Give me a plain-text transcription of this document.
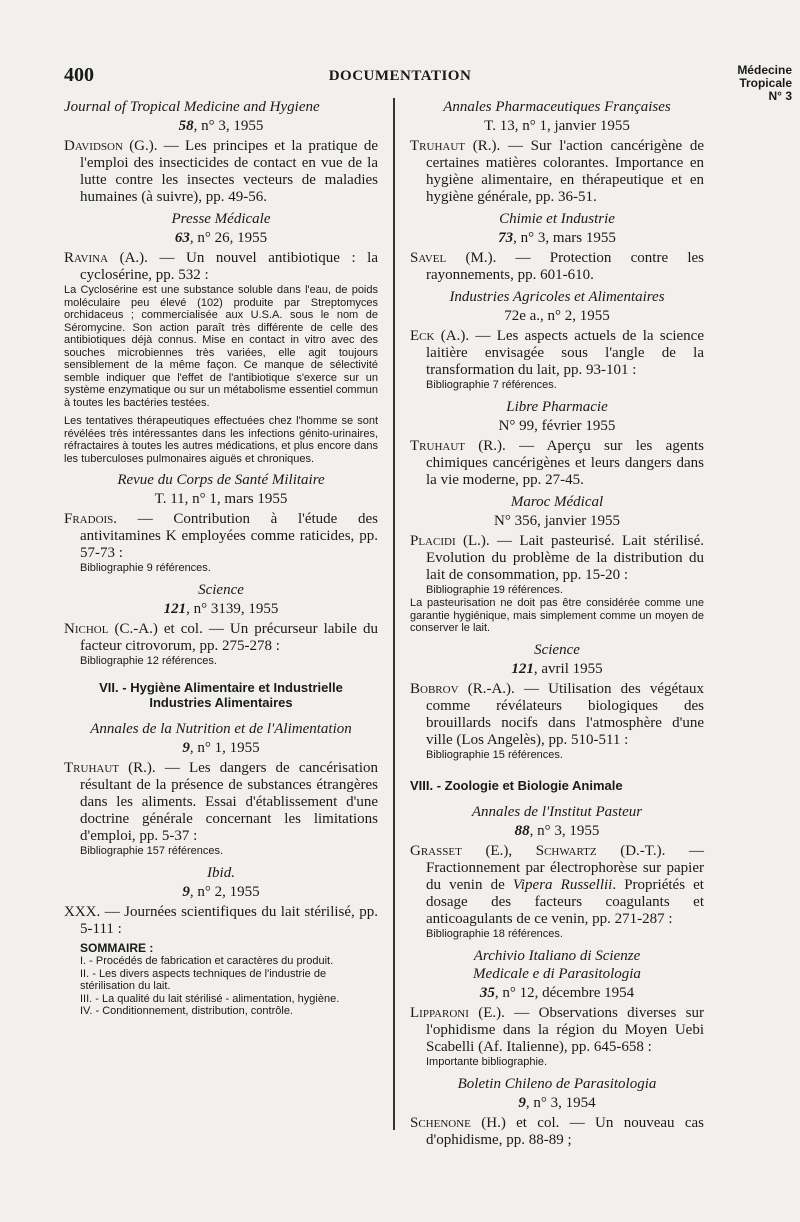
400	DOCUMENTATION	Médecine
Tropicale
N° 3
Journal of Tropical Medicine and Hygiene
58, n° 3, 1955
Davidson (G.). — Les principes et la pratique de l'emploi des insecticides de contact en vue de la lutte contre les insectes vecteurs de maladies humaines (à suivre), pp. 49-56.
Presse Médicale
63, n° 26, 1955
Ravina (A.). — Un nouvel antibiotique : la cyclosérine, pp. 532 :
La Cyclosérine est une substance soluble dans l'eau, de poids moléculaire peu élevé (102) produite par Streptomyces orchidaceus ; commercialisée aux U.S.A. sous le nom de Séromycine. Son action paraît très différente de celle des antibiotiques déjà connus. Mise en contact in vitro avec des souches microbiennes très variées, elle agit toujours sensiblement de la même façon. Ce manque de sélectivité semble indiquer que l'effet de l'antibiotique s'exerce sur un système enzymatique ou sur un métabolisme essentiel commun à toutes les bactéries testées.
Les tentatives thérapeutiques effectuées chez l'homme se sont révélées très intéressantes dans les infections génito-urinaires, réfractaires à toutes les autres médications, et plus encore dans les tuberculoses pulmonaires aiguës et chroniques.
Revue du Corps de Santé Militaire
T. 11, n° 1, mars 1955
Fradois. — Contribution à l'étude des antivitamines K employées comme raticides, pp. 57-73 :
Bibliographie 9 références.
Science
121, n° 3139, 1955
Nichol (C.-A.) et col. — Un précurseur labile du facteur citrovorum, pp. 275-278 :
Bibliographie 12 références.
VII. - Hygiène Alimentaire et Industrielle
Industries Alimentaires
Annales de la Nutrition et de l'Alimentation
9, n° 1, 1955
Truhaut (R.). — Les dangers de cancérisation résultant de la présence de substances étrangères dans les aliments. Essai d'établissement d'une doctrine générale concernant les limitations d'emploi, pp. 5-37 :
Bibliographie 157 références.
Ibid.
9, n° 2, 1955
XXX. — Journées scientifiques du lait stérilisé, pp. 5-111 :
SOMMAIRE :
I. - Procédés de fabrication et caractères du produit.
II. - Les divers aspects techniques de l'industrie de stérilisation du lait.
III. - La qualité du lait stérilisé - alimentation, hygiène.
IV. - Conditionnement, distribution, contrôle.
Annales Pharmaceutiques Françaises
T. 13, n° 1, janvier 1955
Truhaut (R.). — Sur l'action cancérigène de certaines matières colorantes. Importance en hygiène alimentaire, en thérapeutique et en hygiène générale, pp. 36-51.
Chimie et Industrie
73, n° 3, mars 1955
Savel (M.). — Protection contre les rayonnements, pp. 601-610.
Industries Agricoles et Alimentaires
72e a., n° 2, 1955
Eck (A.). — Les aspects actuels de la science laitière envisagée sous l'angle de la transformation du lait, pp. 93-101 :
Bibliographie 7 références.
Libre Pharmacie
N° 99, février 1955
Truhaut (R.). — Aperçu sur les agents chimiques cancérigènes et leurs dangers dans la vie moderne, pp. 27-45.
Maroc Médical
N° 356, janvier 1955
Placidi (L.). — Lait pasteurisé. Lait stérilisé. Evolution du problème de la distribution du lait de consommation, pp. 15-20 :
Bibliographie 19 références.
La pasteurisation ne doit pas être considérée comme une garantie hygiénique, mais simplement comme un moyen de conserver le lait.
Science
121, avril 1955
Bobrov (R.-A.). — Utilisation des végétaux comme révélateurs biologiques des brouillards nocifs dans l'atmosphère d'une ville (Los Angelès), pp. 510-511 :
Bibliographie 15 références.
VIII. - Zoologie et Biologie Animale
Annales de l'Institut Pasteur
88, n° 3, 1955
Grasset (E.), Schwartz (D.-T.). — Fractionnement par électrophorèse sur papier du venin de Vipera Russellii. Propriétés et dosage des facteurs coagulants et anticoagulants de ce venin, pp. 271-287 :
Bibliographie 18 références.
Archivio Italiano di Scienze
Medicale e di Parasitologia
35, n° 12, décembre 1954
Lipparoni (E.). — Observations diverses sur l'ophidisme dans la région du Moyen Uebi Scabelli (Af. Italienne), pp. 645-658 :
Importante bibliographie.
Boletin Chileno de Parasitologia
9, n° 3, 1954
Schenone (H.) et col. — Un nouveau cas d'ophidisme, pp. 88-89 ;
